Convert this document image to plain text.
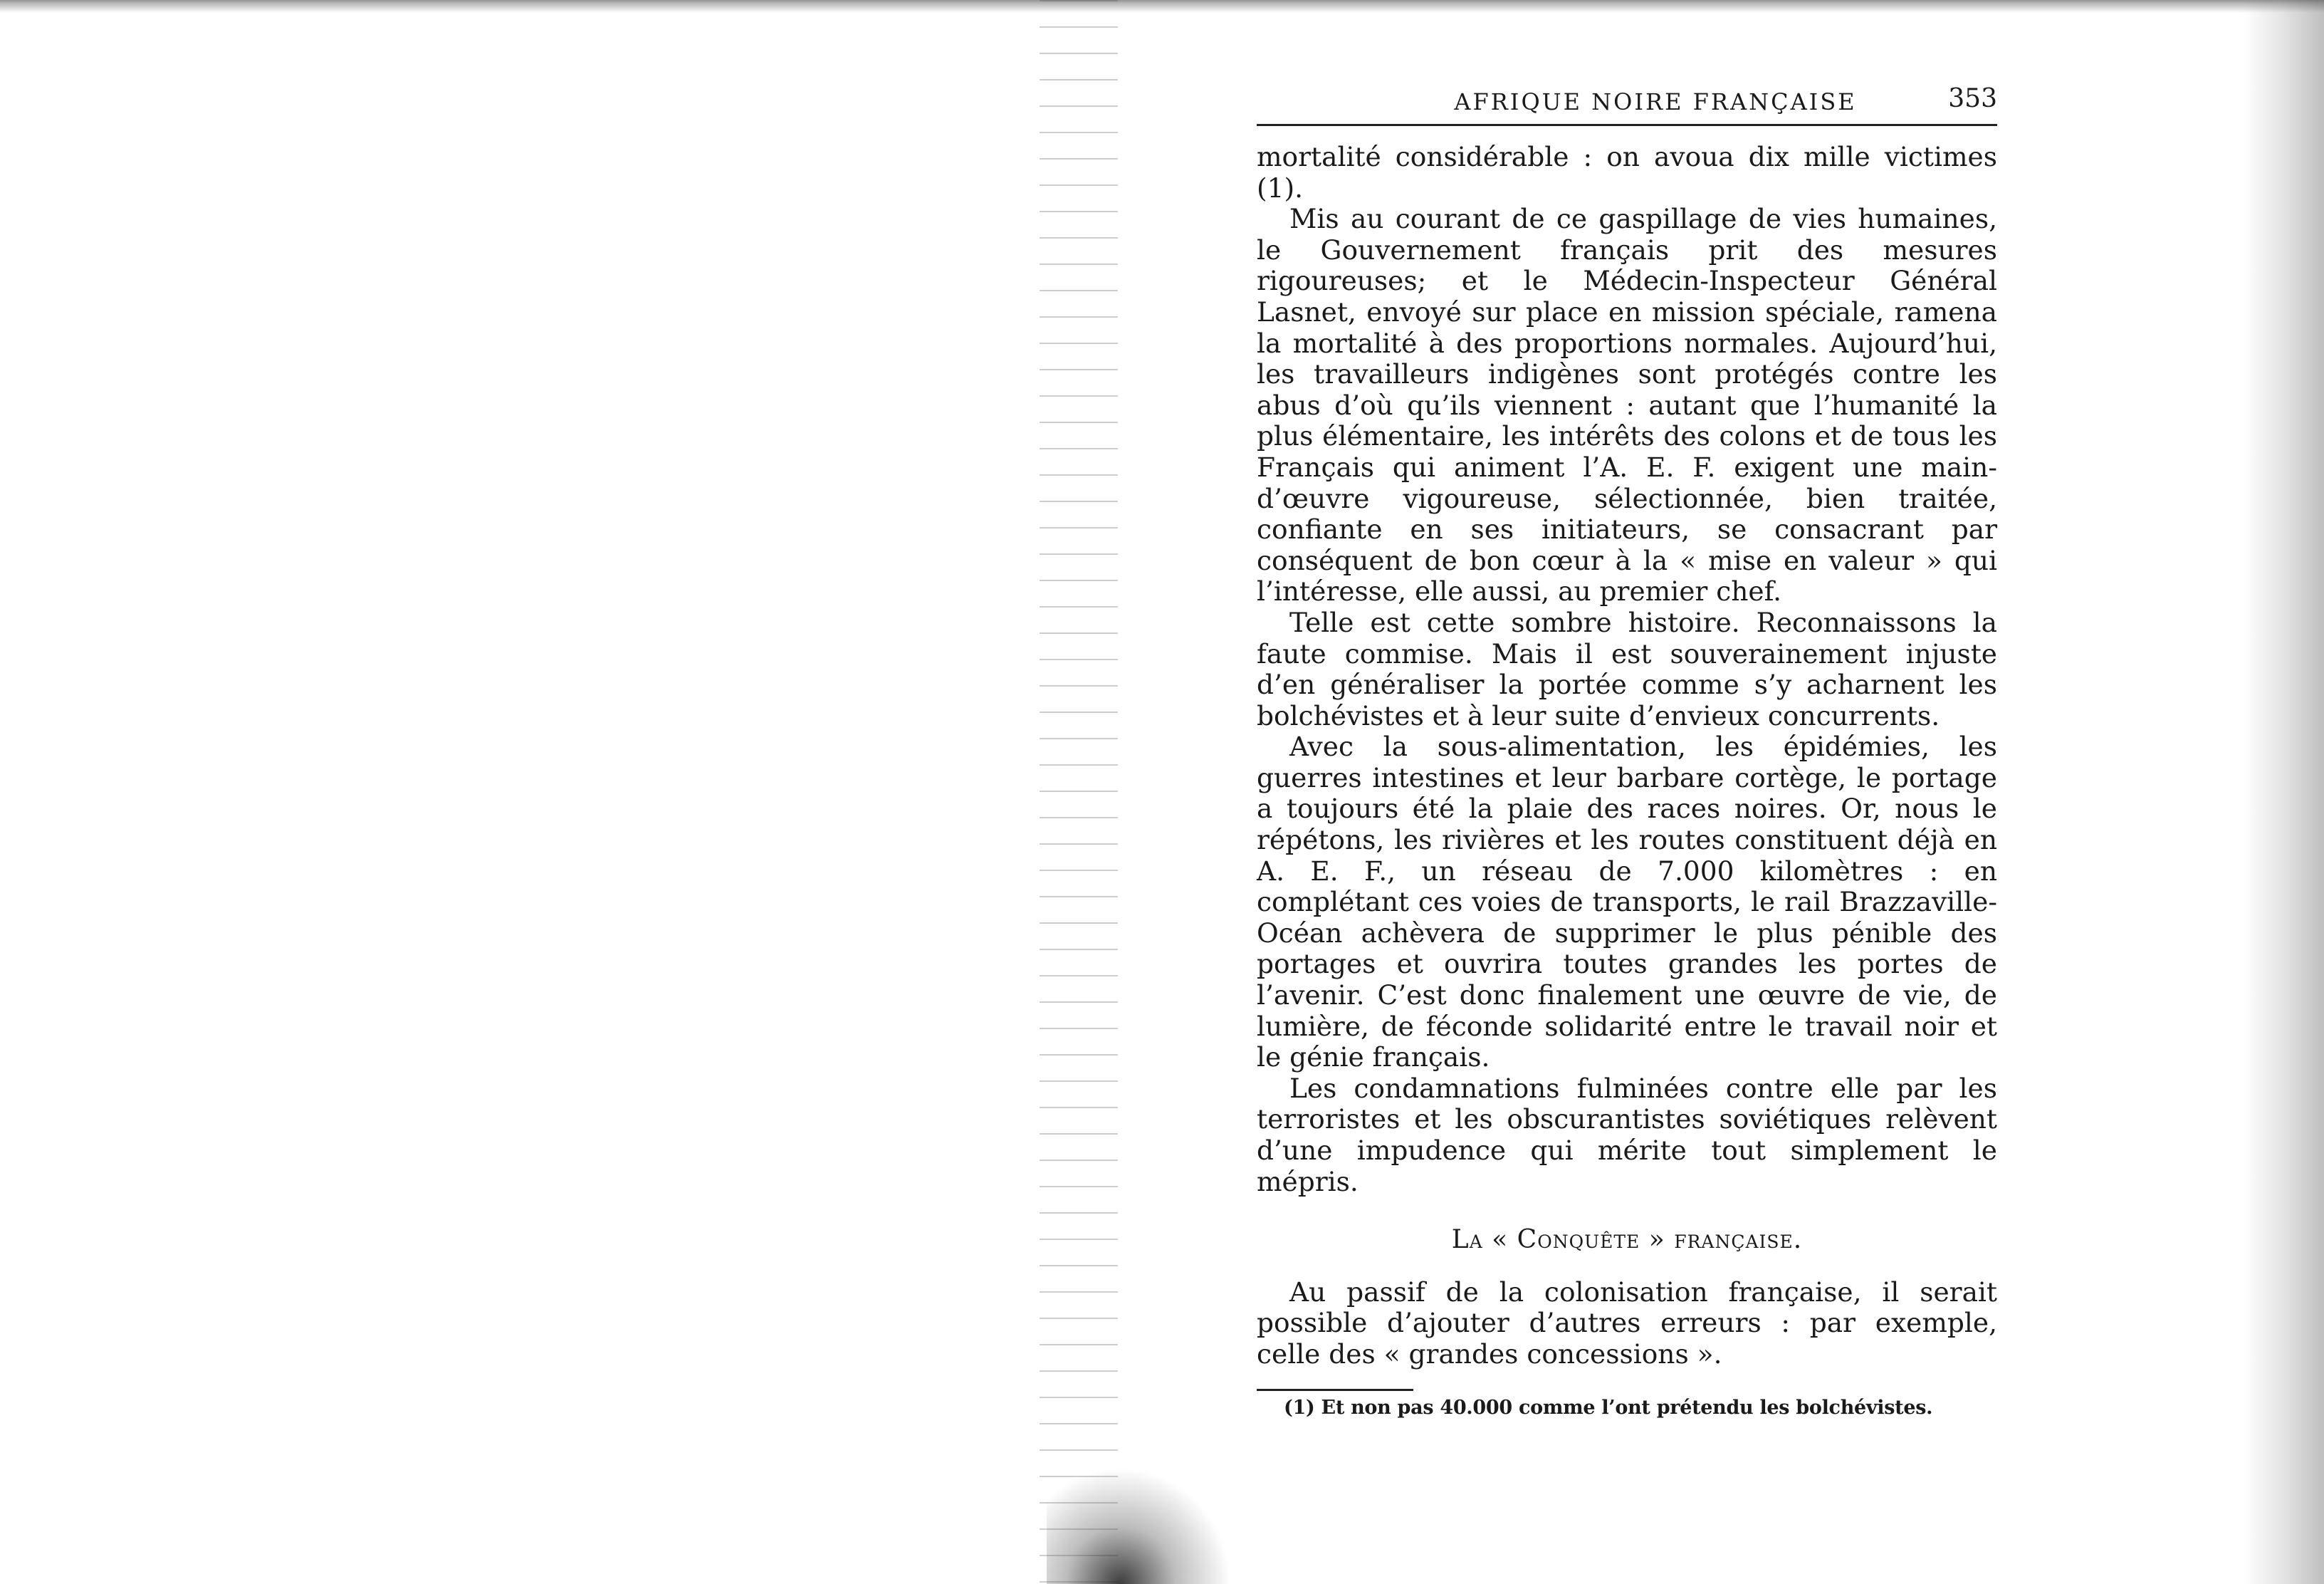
AFRIQUE NOIRE FRANÇAISE	353

mortalité considérable : on avoua dix mille victimes (1).

Mis au courant de ce gaspillage de vies humaines, le Gouvernement français prit des mesures rigoureuses; et le Médecin-Inspecteur Général Lasnet, envoyé sur place en mission spéciale, ramena la mortalité à des proportions normales. Aujourd’hui, les travailleurs indigènes sont protégés contre les abus d’où qu’ils viennent : autant que l’humanité la plus élémentaire, les intérêts des colons et de tous les Français qui animent l’A. E. F. exigent une main-d’œuvre vigoureuse, sélectionnée, bien traitée, confiante en ses initiateurs, se consacrant par conséquent de bon cœur à la « mise en valeur » qui l’intéresse, elle aussi, au premier chef.

Telle est cette sombre histoire. Reconnaissons la faute commise. Mais il est souverainement injuste d’en généraliser la portée comme s’y acharnent les bolchévistes et à leur suite d’envieux concurrents.

Avec la sous-alimentation, les épidémies, les guerres intestines et leur barbare cortège, le portage a toujours été la plaie des races noires. Or, nous le répétons, les rivières et les routes constituent déjà en A. E. F., un réseau de 7.000 kilomètres : en complétant ces voies de transports, le rail Brazzaville-Océan achèvera de supprimer le plus pénible des portages et ouvrira toutes grandes les portes de l’avenir. C’est donc finalement une œuvre de vie, de lumière, de féconde solidarité entre le travail noir et le génie français.

Les condamnations fulminées contre elle par les terroristes et les obscurantistes soviétiques relèvent d’une impudence qui mérite tout simplement le mépris.

La « Conquête » française.

Au passif de la colonisation française, il serait possible d’ajouter d’autres erreurs : par exemple, celle des « grandes concessions ».

(1) Et non pas 40.000 comme l’ont prétendu les bolchévistes.
